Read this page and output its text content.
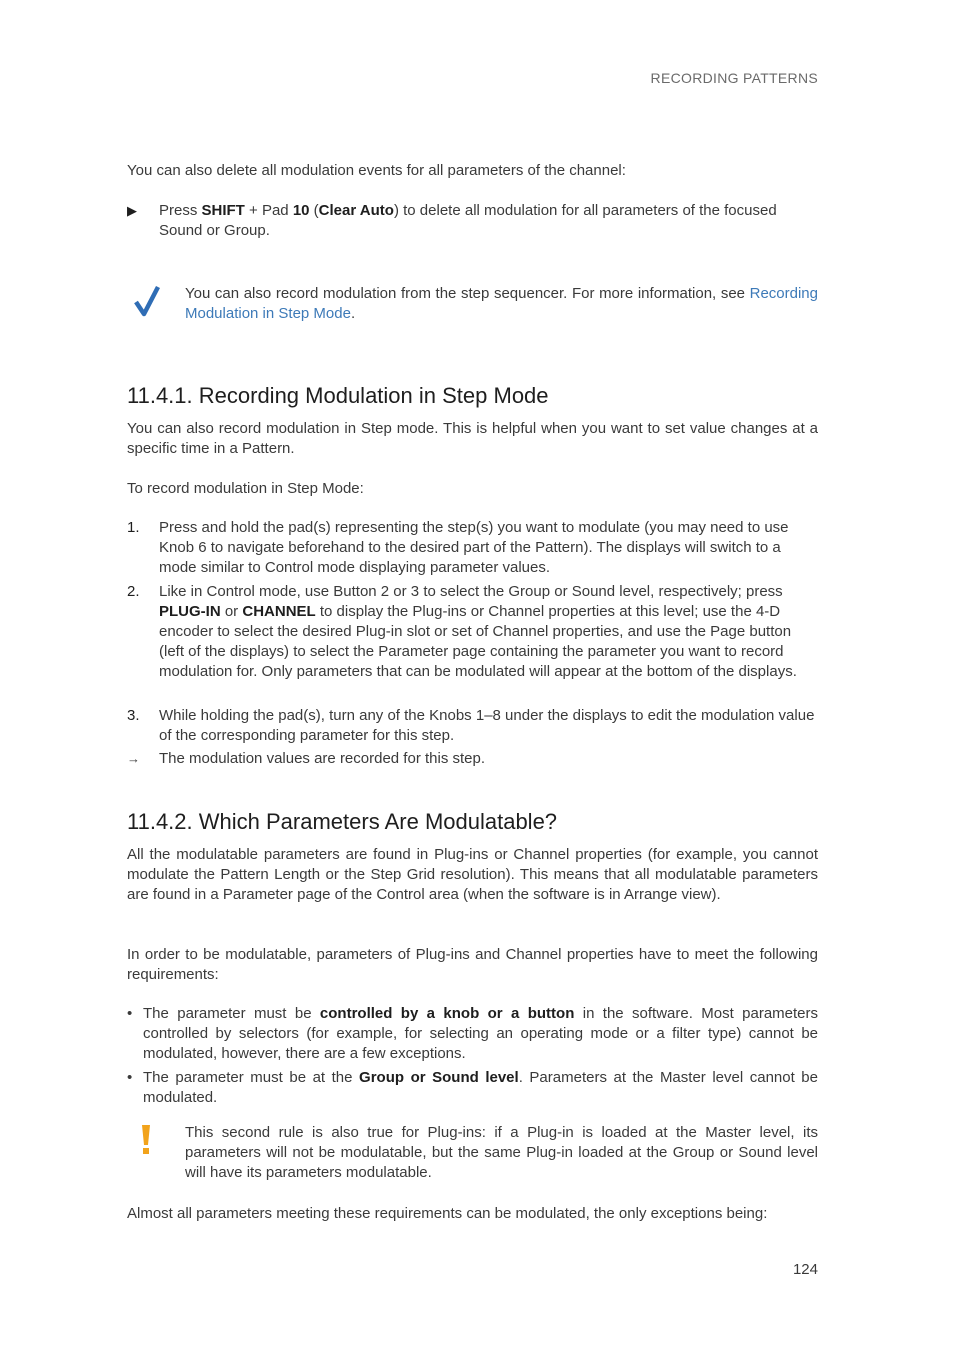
RECORDING PATTERNS
You can also delete all modulation events for all parameters of the channel:
▶	Press SHIFT + Pad 10 (Clear Auto) to delete all modulation for all parameters of the focused Sound or Group.
You can also record modulation from the step sequencer. For more information, see Recording Modulation in Step Mode.
11.4.1. Recording Modulation in Step Mode
You can also record modulation in Step mode. This is helpful when you want to set value changes at a specific time in a Pattern.
To record modulation in Step Mode:
1.	Press and hold the pad(s) representing the step(s) you want to modulate (you may need to use Knob 6 to navigate beforehand to the desired part of the Pattern). The displays will switch to a mode similar to Control mode displaying parameter values.
2.	Like in Control mode, use Button 2 or 3 to select the Group or Sound level, respectively; press PLUG-IN or CHANNEL to display the Plug-ins or Channel properties at this level; use the 4-D encoder to select the desired Plug-in slot or set of Channel properties, and use the Page button (left of the displays) to select the Parameter page containing the parameter you want to record modulation for. Only parameters that can be modulated will appear at the bottom of the displays.
3.	While holding the pad(s), turn any of the Knobs 1–8 under the displays to edit the modulation value of the corresponding parameter for this step.
→	The modulation values are recorded for this step.
11.4.2. Which Parameters Are Modulatable?
All the modulatable parameters are found in Plug-ins or Channel properties (for example, you cannot modulate the Pattern Length or the Step Grid resolution). This means that all modulatable parameters are found in a Parameter page of the Control area (when the software is in Arrange view).
In order to be modulatable, parameters of Plug-ins and Channel properties have to meet the following requirements:
• The parameter must be controlled by a knob or a button in the software. Most parameters controlled by selectors (for example, for selecting an operating mode or a filter type) cannot be modulated, however, there are a few exceptions.
• The parameter must be at the Group or Sound level. Parameters at the Master level cannot be modulated.
This second rule is also true for Plug-ins: if a Plug-in is loaded at the Master level, its parameters will not be modulatable, but the same Plug-in loaded at the Group or Sound level will have its parameters modulatable.
Almost all parameters meeting these requirements can be modulated, the only exceptions being:
124
